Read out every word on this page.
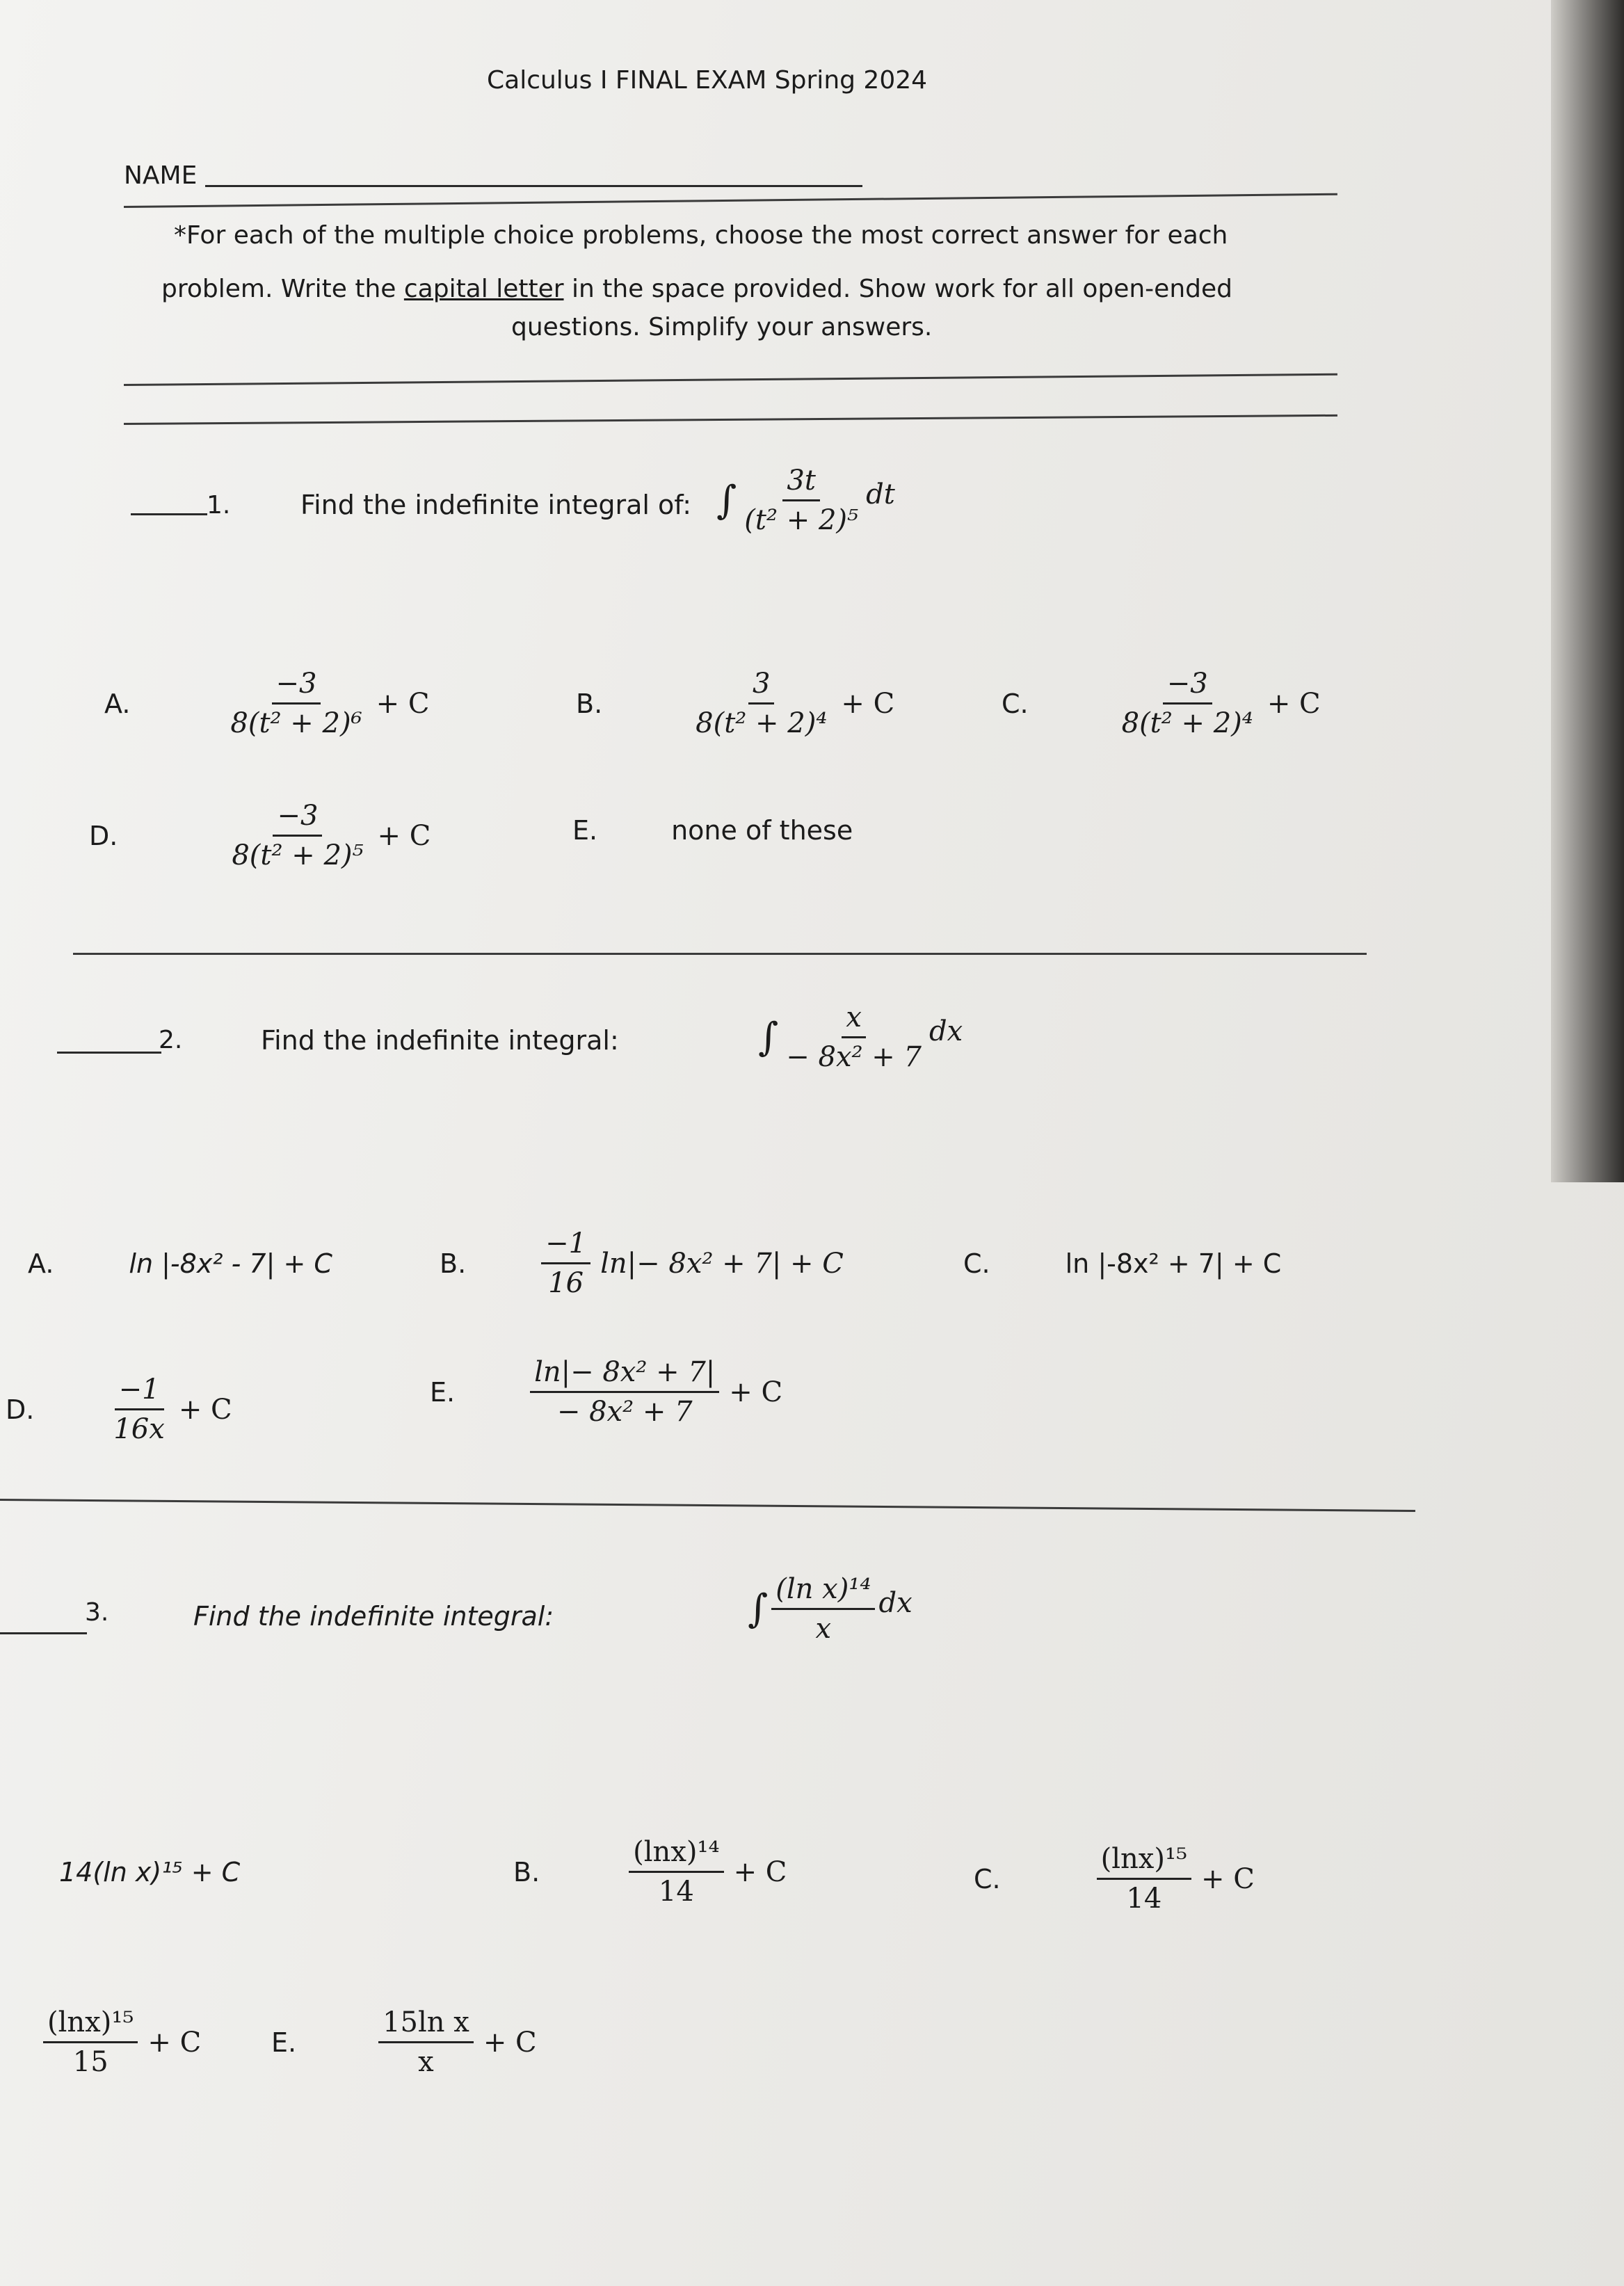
Calculus I FINAL EXAM Spring 2024
NAME
*For each of the multiple choice problems, choose the most correct answer for each
problem. Write the capital letter in the space provided. Show work for all open-ended
questions. Simplify your answers.
1.	Find the indefinite integral of: ∫ $\frac{3t}{\text{(t² + 2)⁵}}$ dt
A.	$\frac{-3}{\text{8(t² + 2)⁶}} + C$	B.	$\frac{3}{\text{8(t² + 2)⁴}} + C$	C.	$\frac{-3}{\text{8(t² + 2)⁴}} + C$
D.	$\frac{-3}{\text{8(t² + 2)⁵}} + C$	E.	none of these
2.	Find the indefinite integral:	∫ $\frac{x}{\text{− 8x² + 7}}$ dx
A.	ln |-8x² - 7| + C	B.	$\frac{-1}{16} \ln|- 8x^2 + 7| + C$	C.	ln |-8x² + 7| + C
D.	$\frac{-1}{16x} + C$
E.	$\frac{\text{ln|− 8x² + 7|}}{\text{− 8x² + 7}} + C$
3.	Find the indefinite integral:	∫ $\frac{\text{(ln x)¹⁴}}{x}$ dx
14(ln x)¹⁵ + C	B.	$\frac{\text{(lnx)¹⁴}}{14} + C$	C.	$\frac{\text{(lnx)¹⁵}}{14} + C$
$\frac{\text{(lnx)¹⁵}}{15} + C$	E.	$\frac{\text{15ln x}}{x} + C$
